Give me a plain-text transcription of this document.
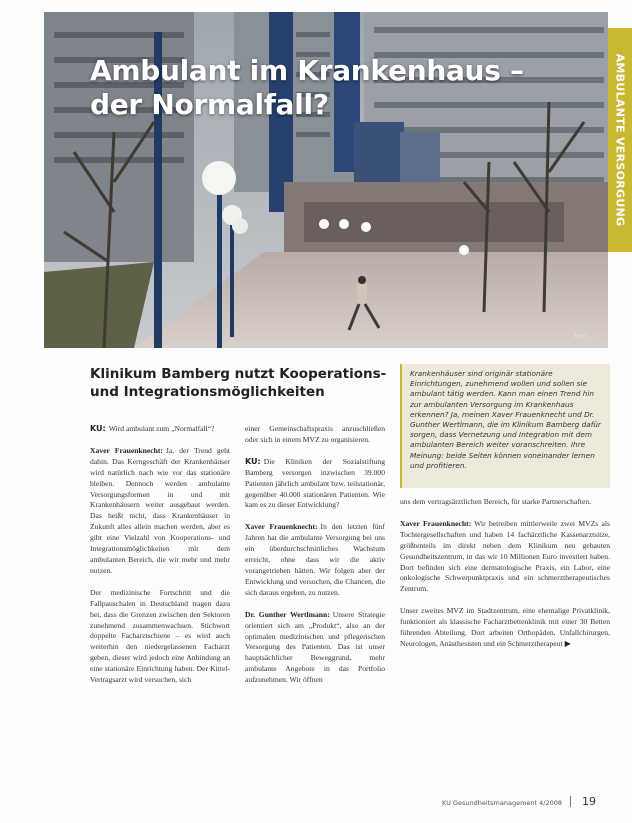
Ambulant im Krankenhaus –
der Normalfall?
Foto: ...
AMBULANTE VERSORGUNG
Klinikum Bamberg nutzt Kooperations-
und Integrationsmöglichkeiten

Krankenhäuser sind originär stationäre Einrichtungen, zunehmend wollen und sollen sie ambulant tätig werden. Kann man einen Trend hin zur ambulanten Versorgung im Krankenhaus erkennen? Ja, meinen Xaver Frauenknecht und Dr. Gunther Wertlmann, die im Klinikum Bamberg dafür sorgen, dass Vernetzung und Integration mit dem ambulanten Bereich weiter voranschreiten. Ihre Meinung: beide Seiten können voneinander lernen und profitieren.

KU: Wird ambulant zum „Normalfall“?

Xaver Frauenknecht: Ja, der Trend geht dahin. Das Kerngeschäft der Krankenhäuser wird natürlich nach wie vor das stationäre bleiben. Dennoch werden ambulante Versorgungsformen in und mit Krankenhäusern weiter ausgebaut werden. Das heißt nicht, dass Krankenhäuser in Zukunft alles allein machen werden, aber es gibt eine Vielzahl von Kooperations- und Integrationsmöglichkeiten mit dem ambulanten Bereich, die wir mehr und mehr nutzen.

Der medizinische Fortschritt und die Fallpauschalen in Deutschland tragen dazu bei, dass die Grenzen zwischen den Sektoren zunehmend zusammenwachsen. Stichwort doppelte Facharztschiene – es wird auch weiterhin den niedergelassenen Facharzt geben, dieser wird jedoch eine Anbindung an eine stationäre Einrichtung haben. Der Kittel-Vertragsarzt wird versuchen, sich

einer Gemeinschaftspraxis anzuschließen oder sich in einem MVZ zu organisieren.

KU: Die Kliniken der Sozialstiftung Bamberg versorgen inzwischen 39.000 Patienten jährlich ambulant bzw. teilstationär, gegenüber 40.000 stationären Patienten. Wie kam es zu dieser Entwicklung?

Xaver Frauenknecht: In den letzten fünf Jahren hat die ambulante Versorgung bei uns ein überdurchschnittliches Wachstum erreicht, ohne dass wir die aktiv vorangetrieben hätten. Wir folgen aber der Entwicklung und versuchen, die Chancen, die sich daraus ergeben, zu nutzen.

Dr. Gunther Wertlmann: Unsere Strategie orientiert sich am „Produkt“, also an der optimalen medizinischen und pflegerischen Versorgung des Patienten. Das ist unser hauptsächlicher Beweggrund, mehr ambulante Angebote in das Portfolio aufzunehmen. Wir öffnen

uns dem vertragsärztlichen Bereich, für starke Partnerschaften.

Xaver Frauenknecht: Wir betreiben mittlerweile zwei MVZs als Tochtergesellschaften und haben 14 fachärztliche Kassenarztsitze, größtenteils im direkt neben dem Klinikum neu gebauten Gesundheitszentrum, in das wir 10 Millionen Euro investiert haben. Dort befinden sich eine dermatologische Praxis, ein Labor, eine onkologische Schwerpunktpraxis und ein schmerztherapeutisches Zentrum.

Unser zweites MVZ im Stadtzentrum, eine ehemalige Privatklinik, funktioniert als klassische Facharztbettenklinik mit einer 30 Betten führenden Abteilung. Dort arbeiten Orthopäden, Unfallchirurgen, Neurologen, Anästhesisten und ein Schmerztherapeut ▶

KU Gesundheitsmanagement 4/2008 19
